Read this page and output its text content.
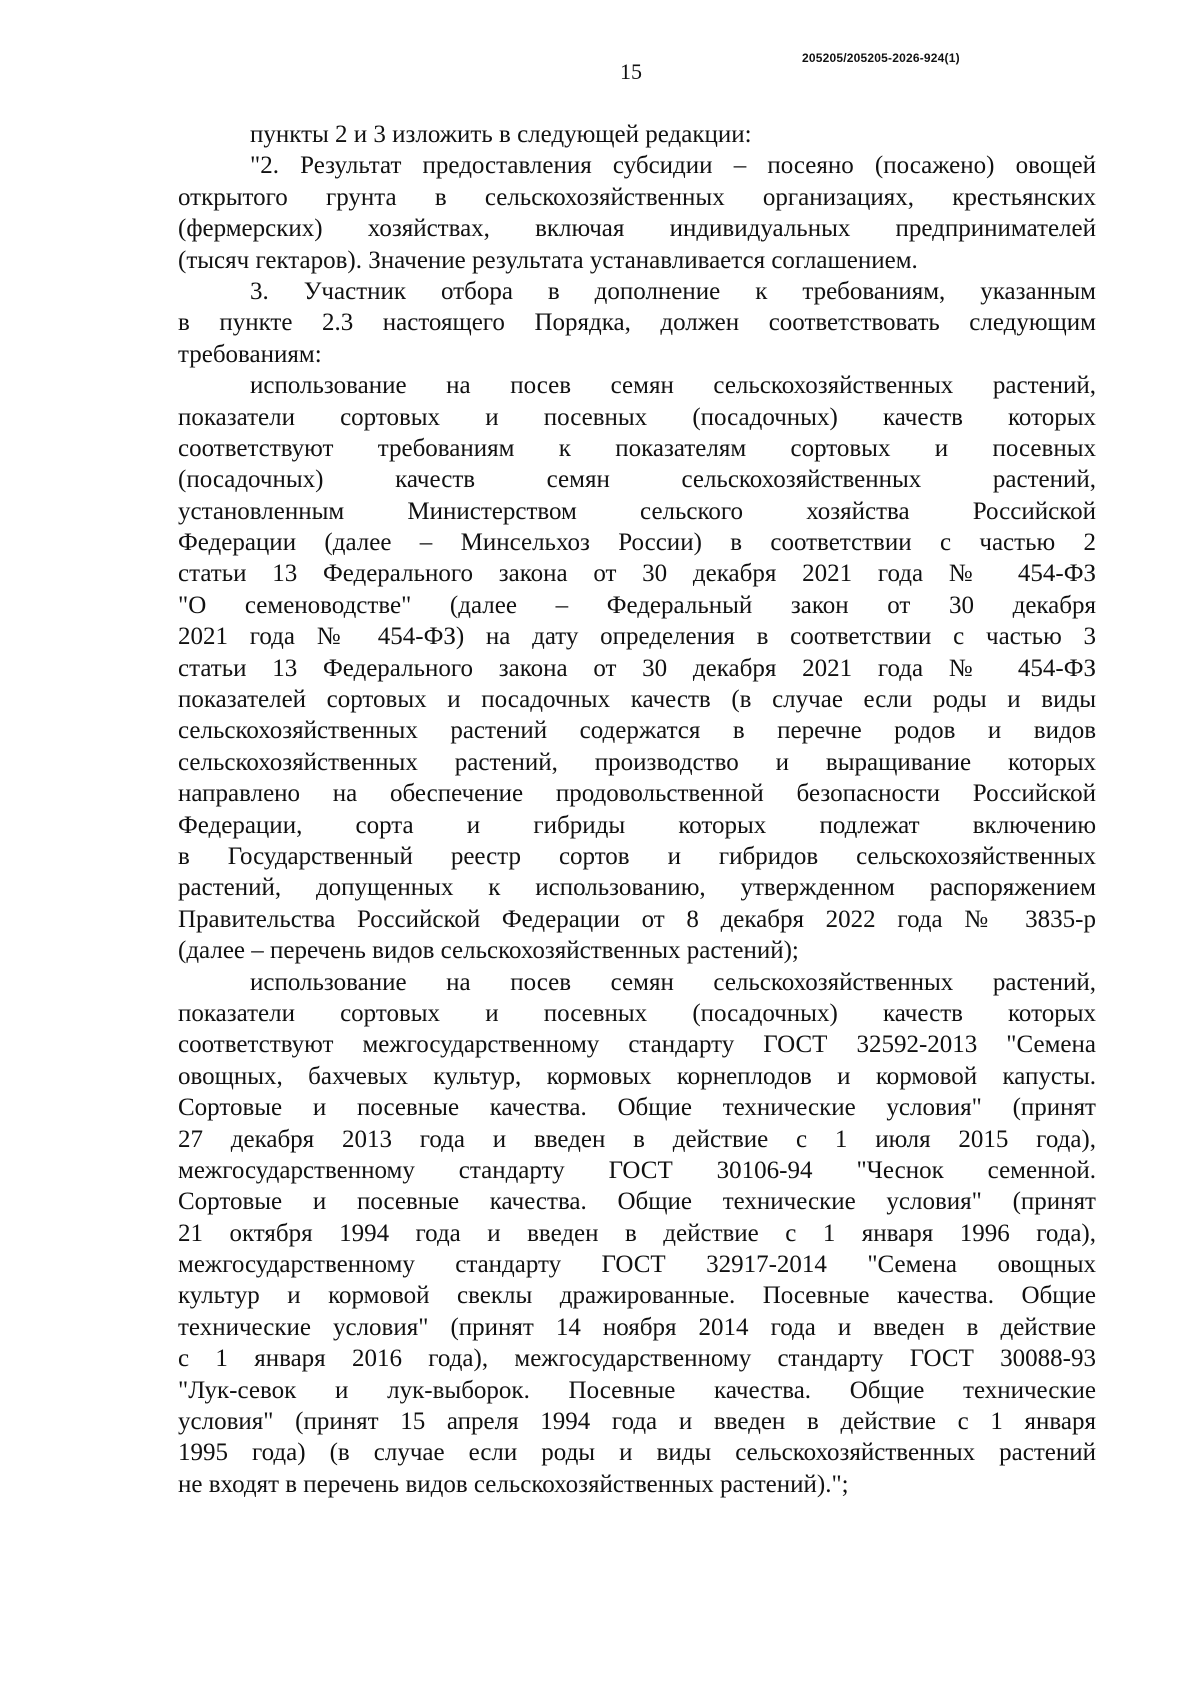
15
205205/205205-2026-924(1)
пункты 2 и 3 изложить в следующей редакции:
"2. Результат предоставления субсидии – посеяно (посажено) овощей
открытого грунта в сельскохозяйственных организациях, крестьянских
(фермерских) хозяйствах, включая индивидуальных предпринимателей
(тысяч гектаров). Значение результата устанавливается соглашением.
3. Участник отбора в дополнение к требованиям, указанным
в пункте 2.3 настоящего Порядка, должен соответствовать следующим
требованиям:
использование на посев семян сельскохозяйственных растений,
показатели сортовых и посевных (посадочных) качеств которых
соответствуют требованиям к показателям сортовых и посевных
(посадочных) качеств семян сельскохозяйственных растений,
установленным Министерством сельского хозяйства Российской
Федерации (далее – Минсельхоз России) в соответствии с частью 2
статьи 13 Федерального закона от 30 декабря 2021 года № 454-ФЗ
"О семеноводстве" (далее – Федеральный закон от 30 декабря
2021 года № 454-ФЗ) на дату определения в соответствии с частью 3
статьи 13 Федерального закона от 30 декабря 2021 года № 454-ФЗ
показателей сортовых и посадочных качеств (в случае если роды и виды
сельскохозяйственных растений содержатся в перечне родов и видов
сельскохозяйственных растений, производство и выращивание которых
направлено на обеспечение продовольственной безопасности Российской
Федерации, сорта и гибриды которых подлежат включению
в Государственный реестр сортов и гибридов сельскохозяйственных
растений, допущенных к использованию, утвержденном распоряжением
Правительства Российской Федерации от 8 декабря 2022 года № 3835-р
(далее – перечень видов сельскохозяйственных растений);
использование на посев семян сельскохозяйственных растений,
показатели сортовых и посевных (посадочных) качеств которых
соответствуют межгосударственному стандарту ГОСТ 32592-2013 "Семена
овощных, бахчевых культур, кормовых корнеплодов и кормовой капусты.
Сортовые и посевные качества. Общие технические условия" (принят
27 декабря 2013 года и введен в действие с 1 июля 2015 года),
межгосударственному стандарту ГОСТ 30106-94 "Чеснок семенной.
Сортовые и посевные качества. Общие технические условия" (принят
21 октября 1994 года и введен в действие с 1 января 1996 года),
межгосударственному стандарту ГОСТ 32917-2014 "Семена овощных
культур и кормовой свеклы дражированные. Посевные качества. Общие
технические условия" (принят 14 ноября 2014 года и введен в действие
с 1 января 2016 года), межгосударственному стандарту ГОСТ 30088-93
"Лук-севок и лук-выборок. Посевные качества. Общие технические
условия" (принят 15 апреля 1994 года и введен в действие с 1 января
1995 года) (в случае если роды и виды сельскохозяйственных растений
не входят в перечень видов сельскохозяйственных растений).";
